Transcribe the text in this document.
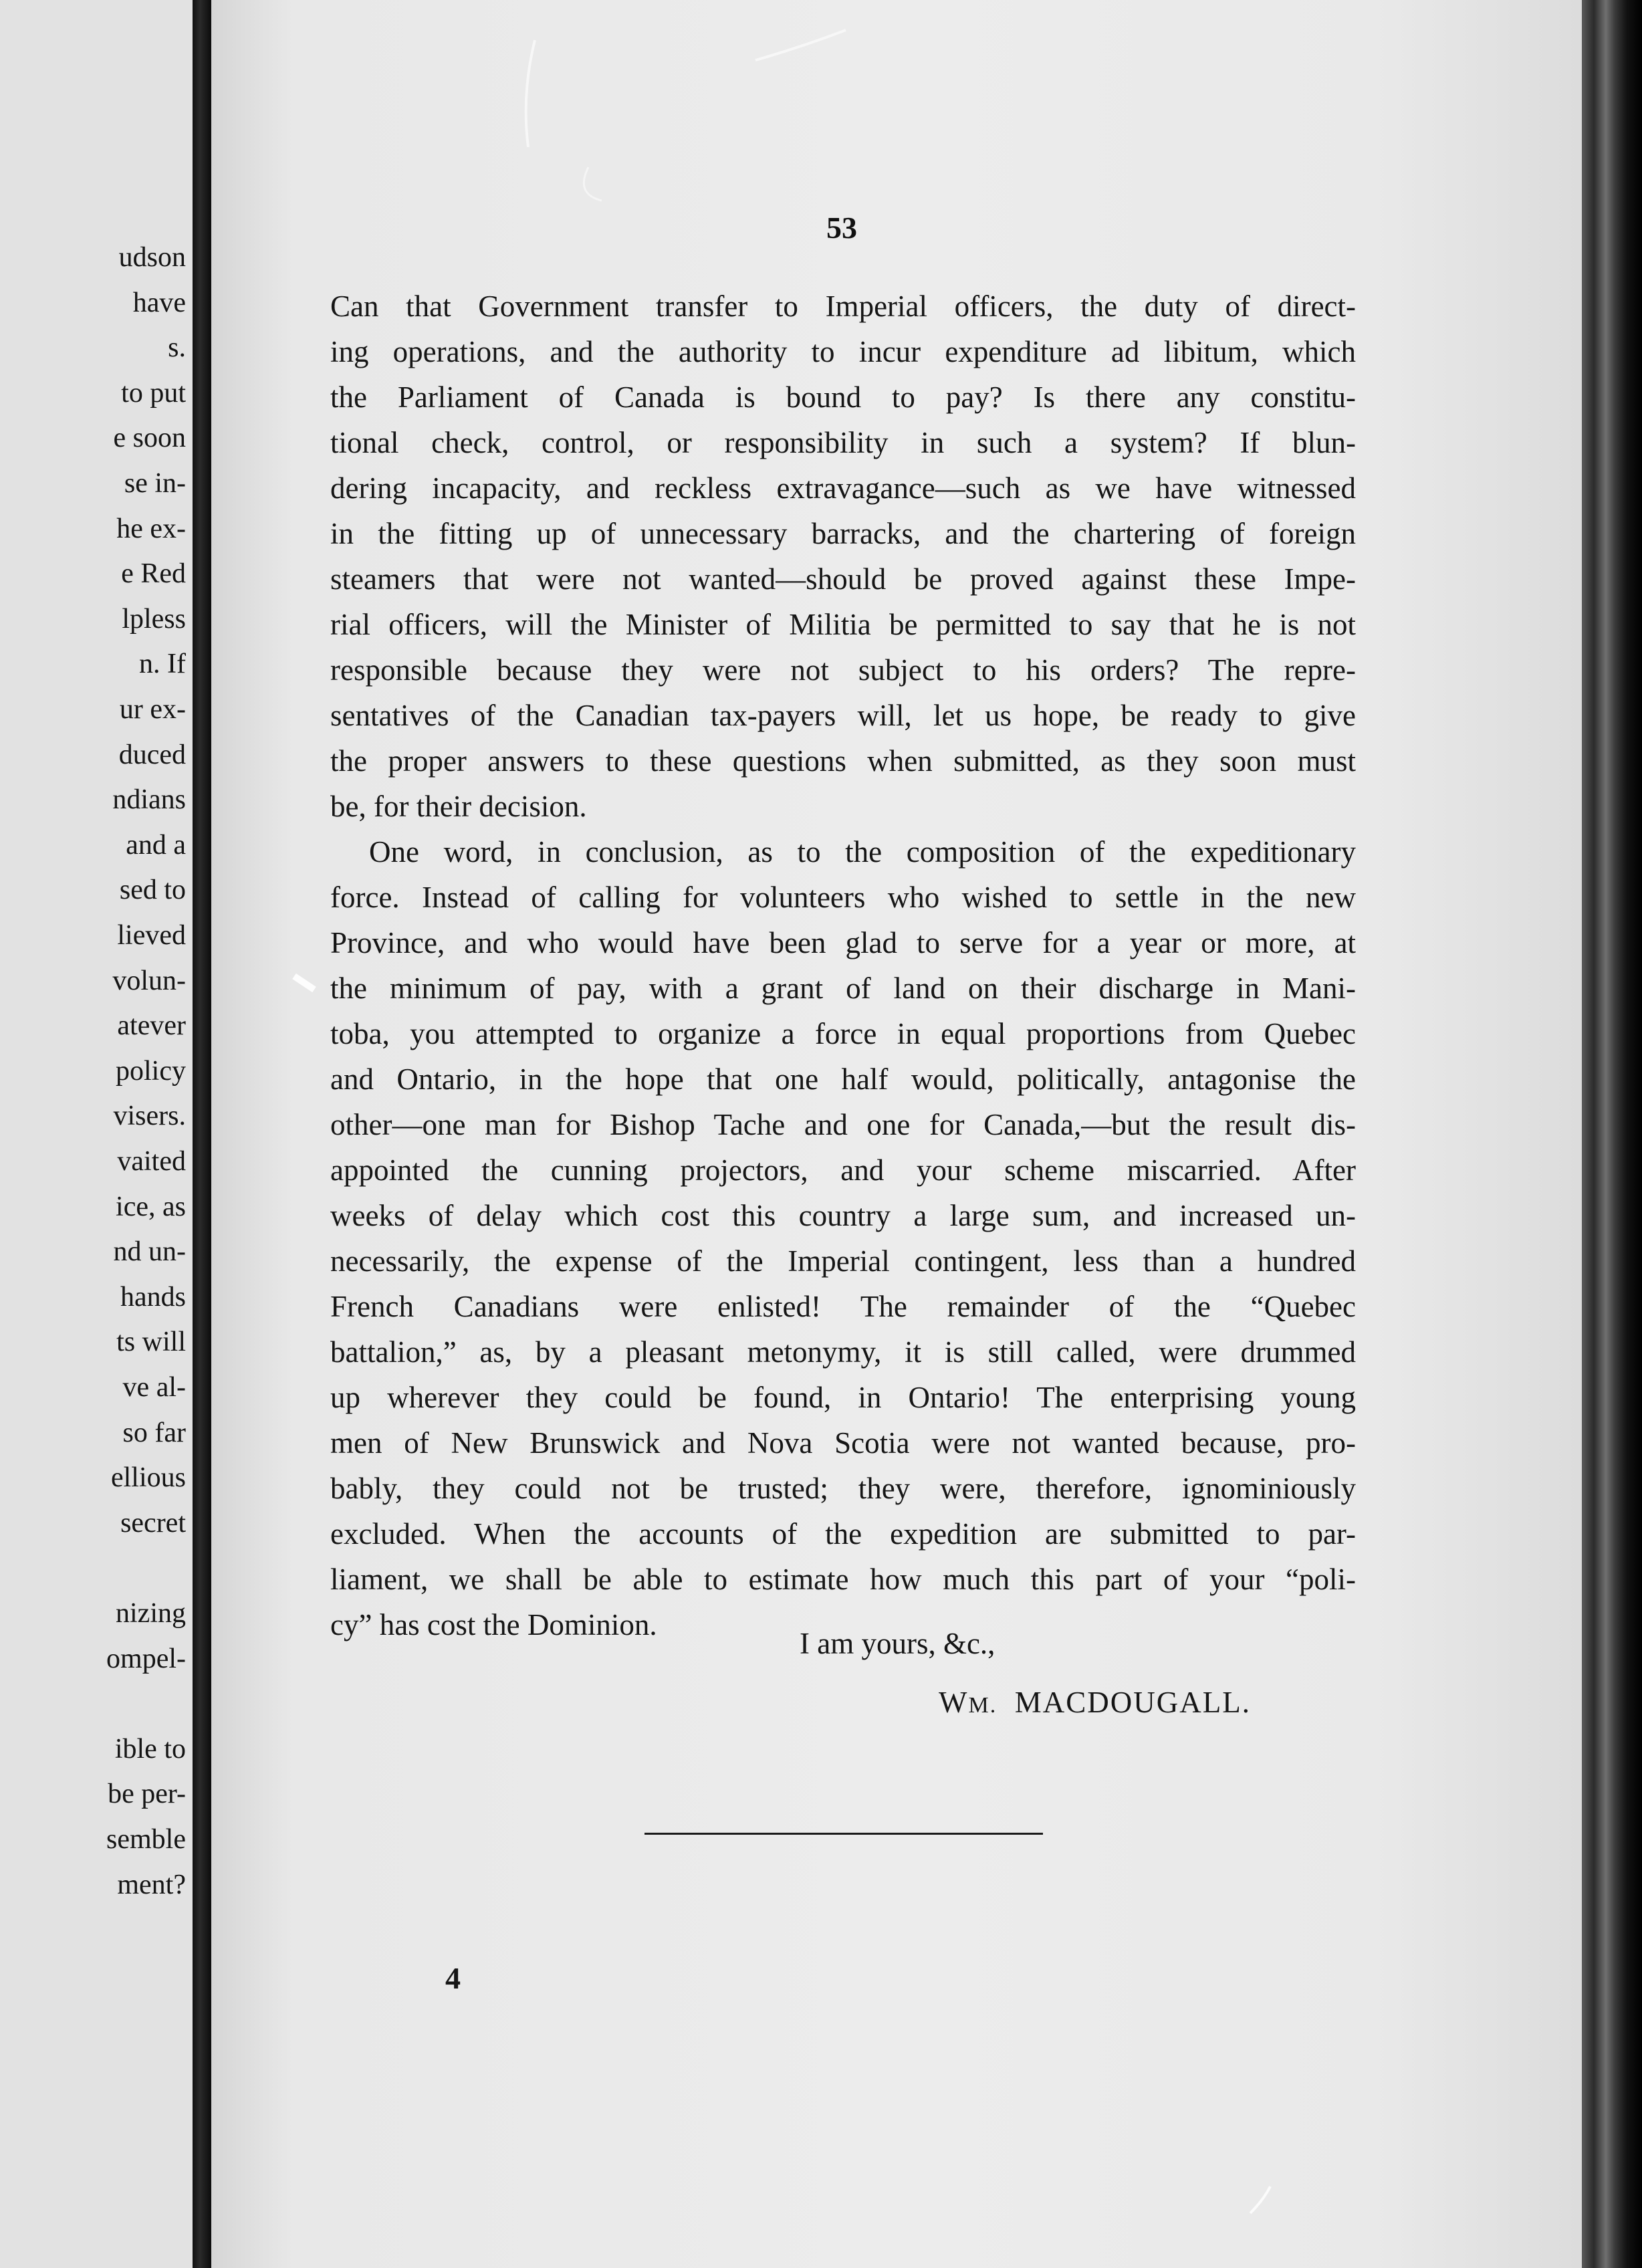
udson
have
s.
to put
e soon
se in-
he ex-
e Red
lpless
n. If
ur ex-
duced
ndians
and a
sed to
lieved
volun-
atever
policy
visers.
vaited
ice, as
nd un-
hands
ts will
ve al-
so far
ellious
secret
nizing
ompel-
ible to
be per-
semble
ment?
53
Can that Government transfer to Imperial officers, the duty of direct-
ing operations, and the authority to incur expenditure ad libitum, which
the Parliament of Canada is bound to pay? Is there any constitu-
tional check, control, or responsibility in such a system? If blun-
dering incapacity, and reckless extravagance—such as we have witnessed
in the fitting up of unnecessary barracks, and the chartering of foreign
steamers that were not wanted—should be proved against these Impe-
rial officers, will the Minister of Militia be permitted to say that he is not
responsible because they were not subject to his orders? The repre-
sentatives of the Canadian tax-payers will, let us hope, be ready to give
the proper answers to these questions when submitted, as they soon must
be, for their decision.
One word, in conclusion, as to the composition of the expeditionary
force. Instead of calling for volunteers who wished to settle in the new
Province, and who would have been glad to serve for a year or more, at
the minimum of pay, with a grant of land on their discharge in Mani-
toba, you attempted to organize a force in equal proportions from Quebec
and Ontario, in the hope that one half would, politically, antagonise the
other—one man for Bishop Tache and one for Canada,—but the result dis-
appointed the cunning projectors, and your scheme miscarried. After
weeks of delay which cost this country a large sum, and increased un-
necessarily, the expense of the Imperial contingent, less than a hundred
French Canadians were enlisted! The remainder of the “Quebec
battalion,” as, by a pleasant metonymy, it is still called, were drummed
up wherever they could be found, in Ontario! The enterprising young
men of New Brunswick and Nova Scotia were not wanted because, pro-
bably, they could not be trusted; they were, therefore, ignominiously
excluded. When the accounts of the expedition are submitted to par-
liament, we shall be able to estimate how much this part of your “poli-
cy” has cost the Dominion.
I am yours, &c.,
WM. MACDOUGALL.
4
